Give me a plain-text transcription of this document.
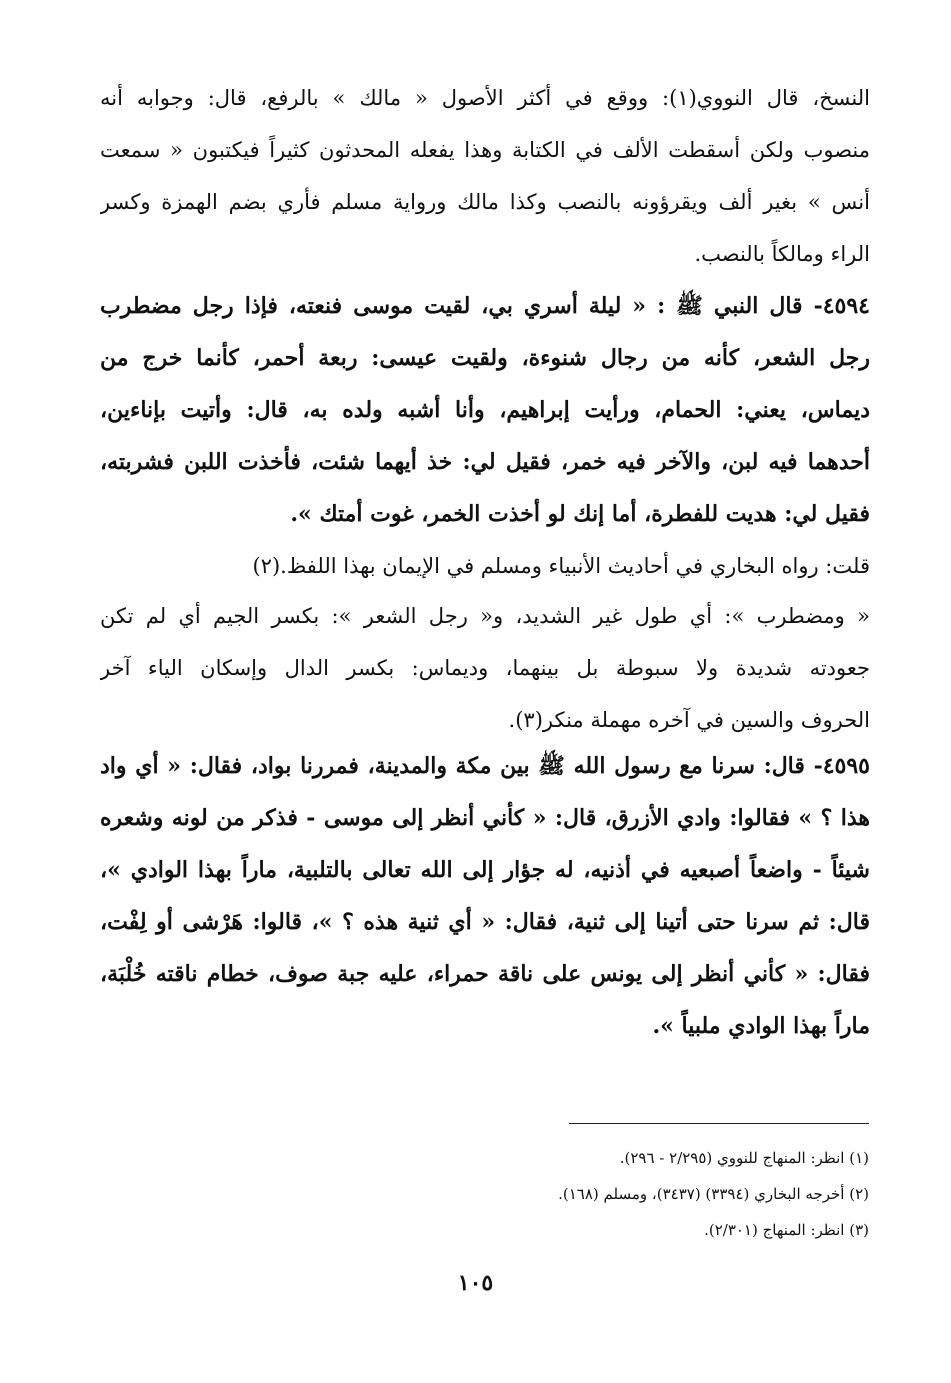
النسخ، قال النووي(١): ووقع في أكثر الأصول « مالك » بالرفع، قال: وجوابه أنه
منصوب ولكن أسقطت الألف في الكتابة وهذا يفعله المحدثون كثيراً فيكتبون « سمعت
أنس » بغير ألف ويقرؤونه بالنصب وكذا مالك ورواية مسلم فأري بضم الهمزة وكسر
الراء ومالكاً بالنصب.
٤٥٩٤- قال النبي ﷺ : « ليلة أسري بي، لقيت موسى فنعته، فإذا رجل مضطرب
رجل الشعر، كأنه من رجال شنوءة، ولقيت عيسى: ربعة أحمر، كأنما خرج من
ديماس، يعني: الحمام، ورأيت إبراهيم، وأنا أشبه ولده به، قال: وأتيت بإناءين،
أحدهما فيه لبن، والآخر فيه خمر، فقيل لي: خذ أيهما شئت، فأخذت اللبن فشربته،
فقيل لي: هديت للفطرة، أما إنك لو أخذت الخمر، غوت أمتك ».
قلت: رواه البخاري في أحاديث الأنبياء ومسلم في الإيمان بهذا اللفظ.(٢)
« ومضطرب »: أي طول غير الشديد، و« رجل الشعر »: بكسر الجيم أي لم تكن
جعودته شديدة ولا سبوطة بل بينهما، وديماس: بكسر الدال وإسكان الياء آخر
الحروف والسين في آخره مهملة منكر(٣).
٤٥٩٥- قال: سرنا مع رسول الله ﷺ بين مكة والمدينة، فمررنا بواد، فقال: « أي واد
هذا ؟ » فقالوا: وادي الأزرق، قال: « كأني أنظر إلى موسى - فذكر من لونه وشعره
شيئاً - واضعاً أصبعيه في أذنيه، له جؤار إلى الله تعالى بالتلبية، ماراً بهذا الوادي »،
قال: ثم سرنا حتى أتينا إلى ثنية، فقال: « أي ثنية هذه ؟ »، قالوا: هَرْشى أو لِفْت،
فقال: « كأني أنظر إلى يونس على ناقة حمراء، عليه جبة صوف، خطام ناقته خُلْبَة،
ماراً بهذا الوادي ملبياً ».

(١) انظر: المنهاج للنووي (٢/٢٩٥ - ٢٩٦).

(٢) أخرجه البخاري (٣٣٩٤) (٣٤٣٧)، ومسلم (١٦٨).

(٣) انظر: المنهاج (٢/٣٠١).

١٠٥
